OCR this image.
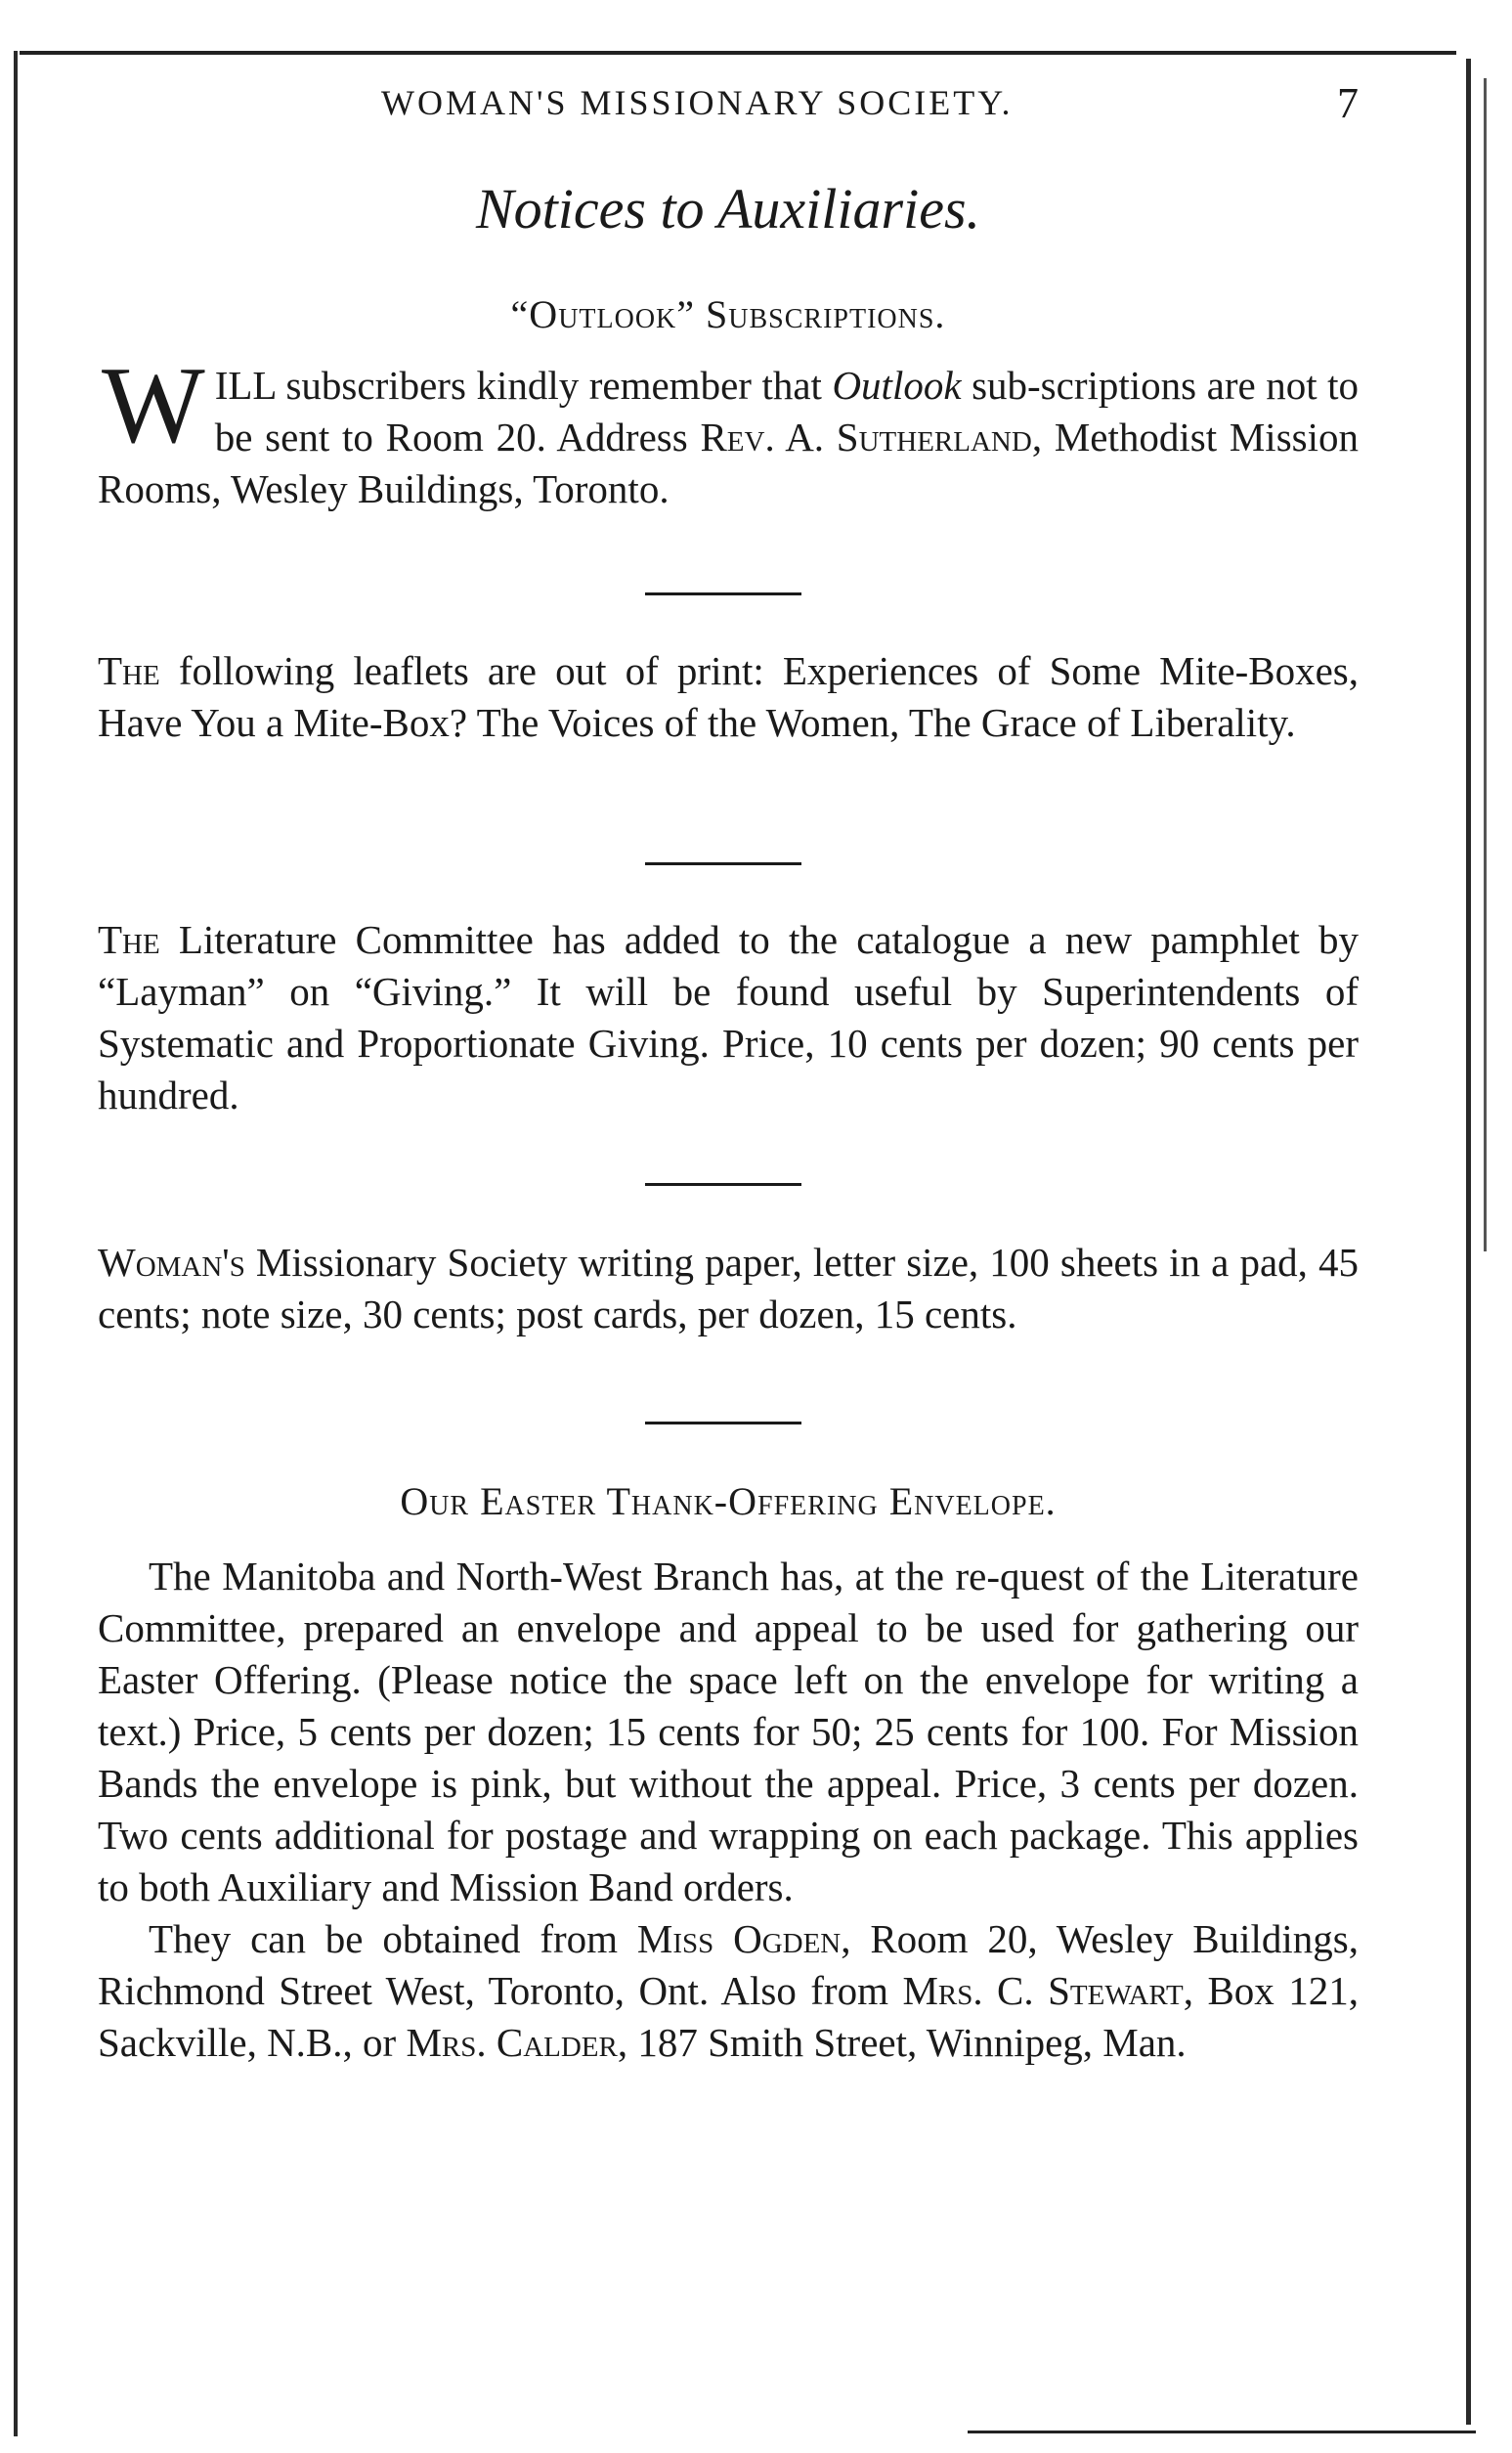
WOMAN'S MISSIONARY SOCIETY.	7
Notices to Auxiliaries.
“Outlook” Subscriptions.

WILL subscribers kindly remember that Outlook sub-scriptions are not to be sent to Room 20. Address Rev. A. Sutherland, Methodist Mission Rooms, Wesley Buildings, Toronto.

The following leaflets are out of print: Experiences of Some Mite-Boxes, Have You a Mite-Box? The Voices of the Women, The Grace of Liberality.

The Literature Committee has added to the catalogue a new pamphlet by “Layman” on “Giving.” It will be found useful by Superintendents of Systematic and Proportionate Giving. Price, 10 cents per dozen; 90 cents per hundred.

Woman's Missionary Society writing paper, letter size, 100 sheets in a pad, 45 cents; note size, 30 cents; post cards, per dozen, 15 cents.

Our Easter Thank-Offering Envelope.

The Manitoba and North-West Branch has, at the re-quest of the Literature Committee, prepared an envelope and appeal to be used for gathering our Easter Offering. (Please notice the space left on the envelope for writing a text.) Price, 5 cents per dozen; 15 cents for 50; 25 cents for 100. For Mission Bands the envelope is pink, but without the appeal. Price, 3 cents per dozen. Two cents additional for postage and wrapping on each package. This applies to both Auxiliary and Mission Band orders.

They can be obtained from Miss Ogden, Room 20, Wesley Buildings, Richmond Street West, Toronto, Ont. Also from Mrs. C. Stewart, Box 121, Sackville, N.B., or Mrs. Calder, 187 Smith Street, Winnipeg, Man.
